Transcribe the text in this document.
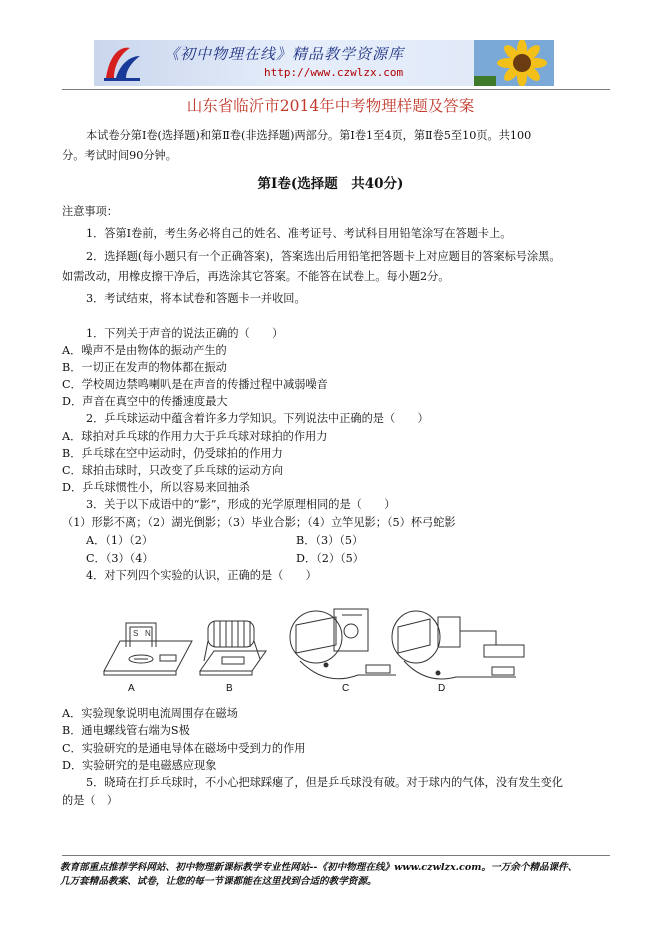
《初中物理在线》精品教学资源库
http://www.czwlzx.com
山东省临沂市2014年中考物理样题及答案
本试卷分第Ⅰ卷(选择题)和第Ⅱ卷(非选择题)两部分。第Ⅰ卷1至4页，第Ⅱ卷5至10页。共100
分。考试时间90分钟。
第Ⅰ卷(选择题　共40分)
注意事项：
1．答第Ⅰ卷前，考生务必将自己的姓名、准考证号、考试科目用铅笔涂写在答题卡上。
2．选择题(每小题只有一个正确答案)，答案选出后用铅笔把答题卡上对应题目的答案标号涂黑。
如需改动，用橡皮擦干净后，再选涂其它答案。不能答在试卷上。每小题2分。
3．考试结束，将本试卷和答题卡一并收回。
1．下列关于声音的说法正确的（　　）
A．噪声不是由物体的振动产生的
B．一切正在发声的物体都在振动
C．学校周边禁鸣喇叭是在声音的传播过程中减弱噪音
D．声音在真空中的传播速度最大
2．乒乓球运动中蕴含着许多力学知识。下列说法中正确的是（　　）
A．球拍对乒乓球的作用力大于乒乓球对球拍的作用力
B．乒乓球在空中运动时，仍受球拍的作用力
C．球拍击球时，只改变了乒乓球的运动方向
D．乒乓球惯性小，所以容易来回抽杀
3．关于以下成语中的“影”，形成的光学原理相同的是（　　）
（1）形影不离；（2）湖光倒影；（3）毕业合影；（4）立竿见影；（5）杯弓蛇影
A．（1）（2）	B．（3）（5）
C．（3）（4）	D．（2）（5）
4．对下列四个实验的认识，正确的是（　　）
S N
A	B	C	D
A．实验现象说明电流周围存在磁场
B．通电螺线管右端为S极
C．实验研究的是通电导体在磁场中受到力的作用
D．实验研究的是电磁感应现象
5．晓琦在打乒乓球时，不小心把球踩瘪了，但是乒乓球没有破。对于球内的气体，没有发生变化
的是（　）
教育部重点推荐学科网站、初中物理新课标教学专业性网站--《初中物理在线》www.czwlzx.com。一万余个精品课件、
几万套精品教案、试卷，让您的每一节课都能在这里找到合适的教学资源。
